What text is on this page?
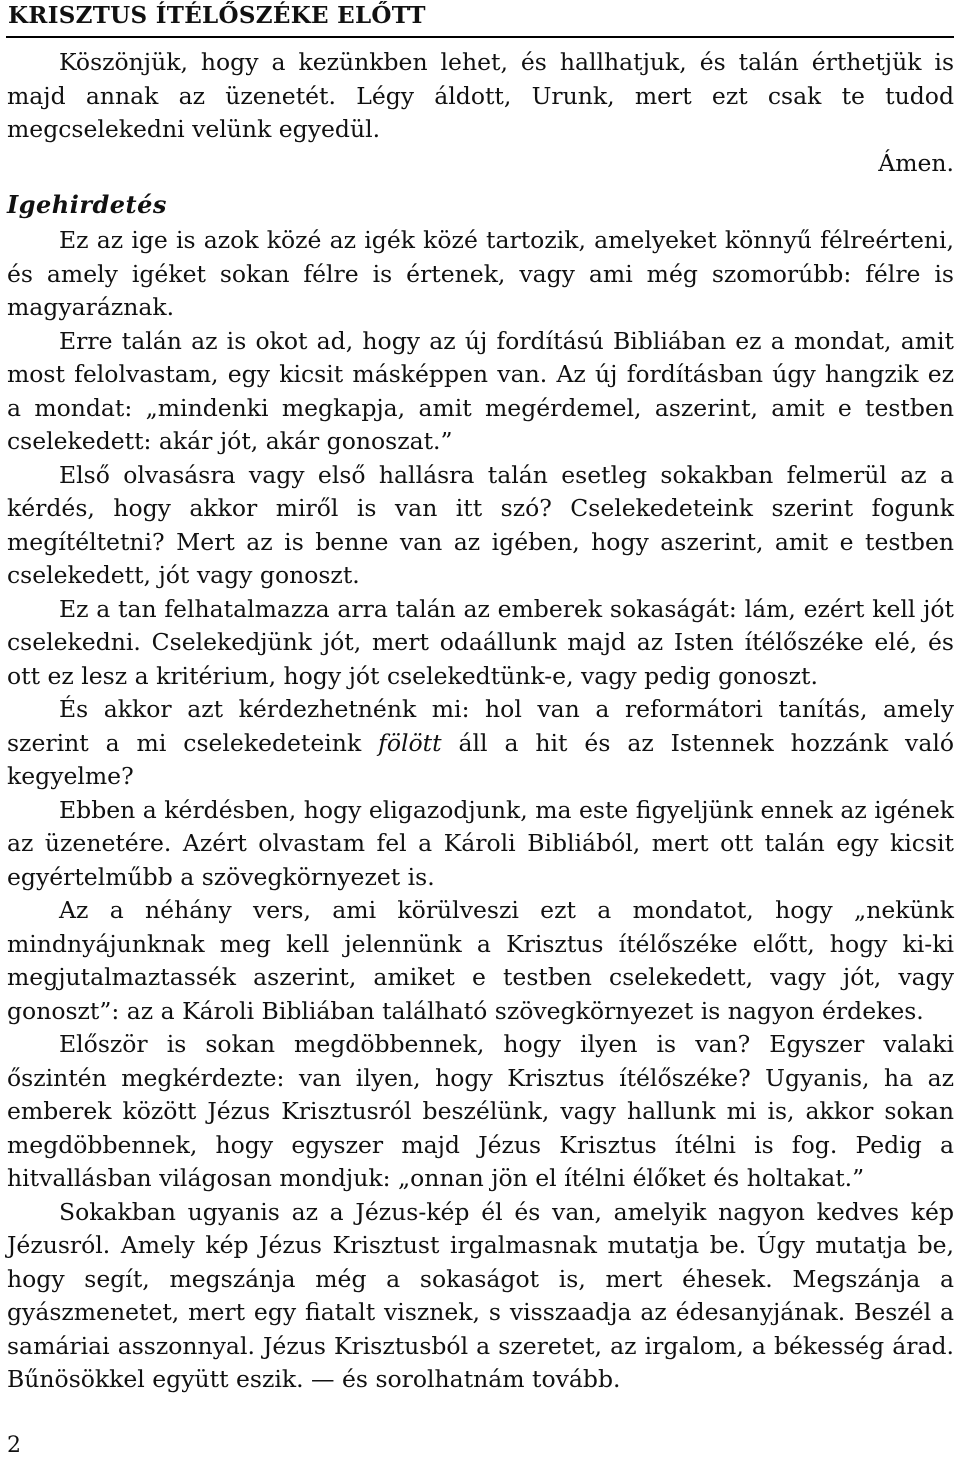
KRISZTUS ÍTÉLŐSZÉKE ELŐTT

Köszönjük, hogy a kezünkben lehet, és hallhatjuk, és talán érthetjük is majd annak az üzenetét. Légy áldott, Urunk, mert ezt csak te tudod megcselekedni velünk egyedül.

Ámen.

Igehirdetés

Ez az ige is azok közé az igék közé tartozik, amelyeket könnyű félreérteni, és amely igéket sokan félre is értenek, vagy ami még szomorúbb: félre is magyaráznak.

Erre talán az is okot ad, hogy az új fordítású Bibliában ez a mondat, amit most felolvastam, egy kicsit másképpen van. Az új fordításban úgy hangzik ez a mondat: „mindenki megkapja, amit megérdemel, aszerint, amit e testben cselekedett: akár jót, akár gonoszat.”

Első olvasásra vagy első hallásra talán esetleg sokakban felmerül az a kérdés, hogy akkor miről is van itt szó? Cselekedeteink szerint fogunk megítéltetni? Mert az is benne van az igében, hogy aszerint, amit e testben cselekedett, jót vagy gonoszt.

Ez a tan felhatalmazza arra talán az emberek sokaságát: lám, ezért kell jót cselekedni. Cselekedjünk jót, mert odaállunk majd az Isten ítélőszéke elé, és ott ez lesz a kritérium, hogy jót cselekedtünk-e, vagy pedig gonoszt.

És akkor azt kérdezhetnénk mi: hol van a reformátori tanítás, amely szerint a mi cselekedeteink fölött áll a hit és az Istennek hozzánk való kegyelme?

Ebben a kérdésben, hogy eligazodjunk, ma este figyeljünk ennek az igének az üzenetére. Azért olvastam fel a Károli Bibliából, mert ott talán egy kicsit egyértelműbb a szövegkörnyezet is.

Az a néhány vers, ami körülveszi ezt a mondatot, hogy „nekünk mindnyájunknak meg kell jelennünk a Krisztus ítélőszéke előtt, hogy ki-ki megjutalmaztassék aszerint, amiket e testben cselekedett, vagy jót, vagy gonoszt”: az a Károli Bibliában található szövegkörnyezet is nagyon érdekes.

Először is sokan megdöbbennek, hogy ilyen is van? Egyszer valaki őszintén megkérdezte: van ilyen, hogy Krisztus ítélőszéke? Ugyanis, ha az emberek között Jézus Krisztusról beszélünk, vagy hallunk mi is, akkor sokan megdöbbennek, hogy egyszer majd Jézus Krisztus ítélni is fog. Pedig a hitvallásban világosan mondjuk: „onnan jön el ítélni élőket és holtakat.”

Sokakban ugyanis az a Jézus-kép él és van, amelyik nagyon kedves kép Jézusról. Amely kép Jézus Krisztust irgalmasnak mutatja be. Úgy mutatja be, hogy segít, megszánja még a sokaságot is, mert éhesek. Megszánja a gyászmenetet, mert egy fiatalt visznek, s visszaadja az édesanyjának. Beszél a samáriai asszonnyal. Jézus Krisztusból a szeretet, az irgalom, a békesség árad. Bűnösökkel együtt eszik. — és sorolhatnám tovább.

2
